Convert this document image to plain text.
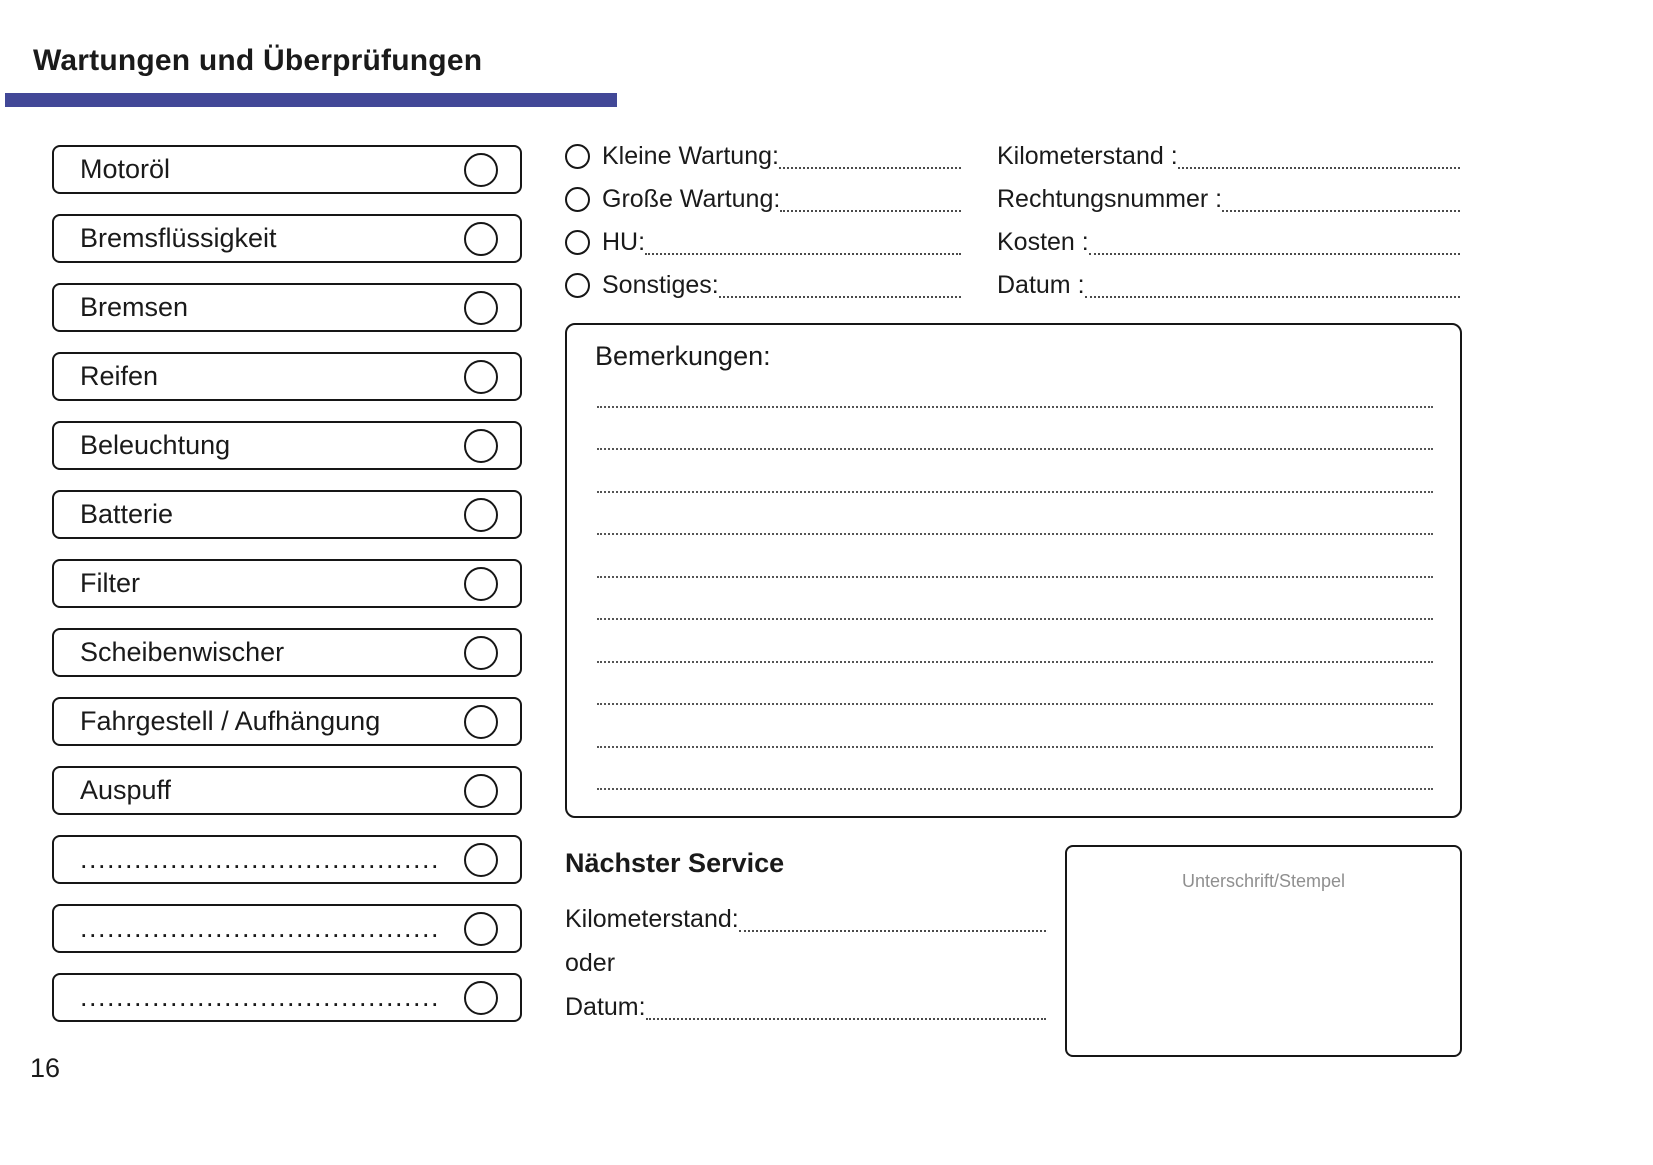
Wartungen und Überprüfungen
Motoröl
Bremsflüssigkeit
Bremsen
Reifen
Beleuchtung
Batterie
Filter
Scheibenwischer
Fahrgestell / Aufhängung
Auspuff
........................................
........................................
........................................
Kleine Wartung:
Große Wartung:
HU:
Sonstiges:
Kilometerstand :
Rechtungsnummer :
Kosten :
Datum :
Bemerkungen:
Nächster Service
Kilometerstand:
oder
Datum:
Unterschrift/Stempel
16
